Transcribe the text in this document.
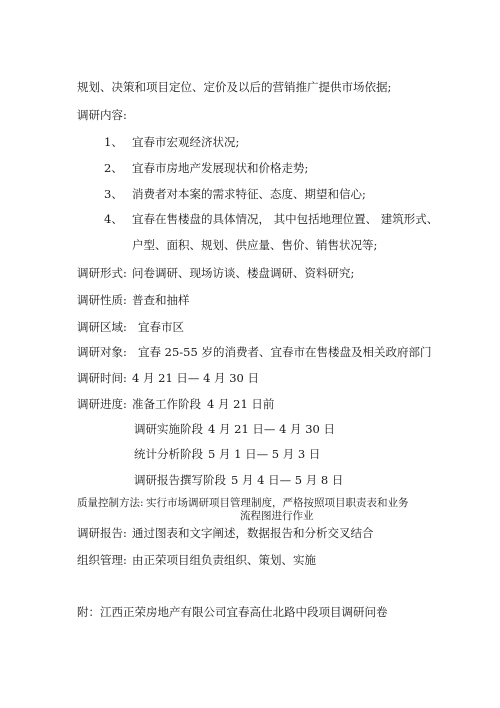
规划、决策和项目定位、定价及以后的营销推广提供市场依据;
调研内容:
1、 宜春市宏观经济状况;
2、 宜春市房地产发展现状和价格走势;
3、 消费者对本案的需求特征、态度、期望和信心;
4、 宜春在售楼盘的具体情况， 其中包括地理位置、 建筑形式、
户型、面积、规划、供应量、售价、销售状况等;
调研形式: 问卷调研、现场访谈、楼盘调研、资料研究;
调研性质: 普查和抽样
调研区域: 宜春市区
调研对象: 宜春 25-55 岁的消费者、宜春市在售楼盘及相关政府部门
调研时间: 4 月 21 日— 4 月 30 日
调研进度: 准备工作阶段 4 月 21 日前
调研实施阶段 4 月 21 日— 4 月 30 日
统计分析阶段 5 月 1 日— 5 月 3 日
调研报告撰写阶段 5 月 4 日— 5 月 8 日
质量控制方法: 实行市场调研项目管理制度，严格按照项目职责表和业务
流程图进行作业
调研报告: 通过图表和文字阐述，数据报告和分析交叉结合
组织管理: 由正荣项目组负责组织、策划、实施
附：江西正荣房地产有限公司宜春高仕北路中段项目调研问卷
